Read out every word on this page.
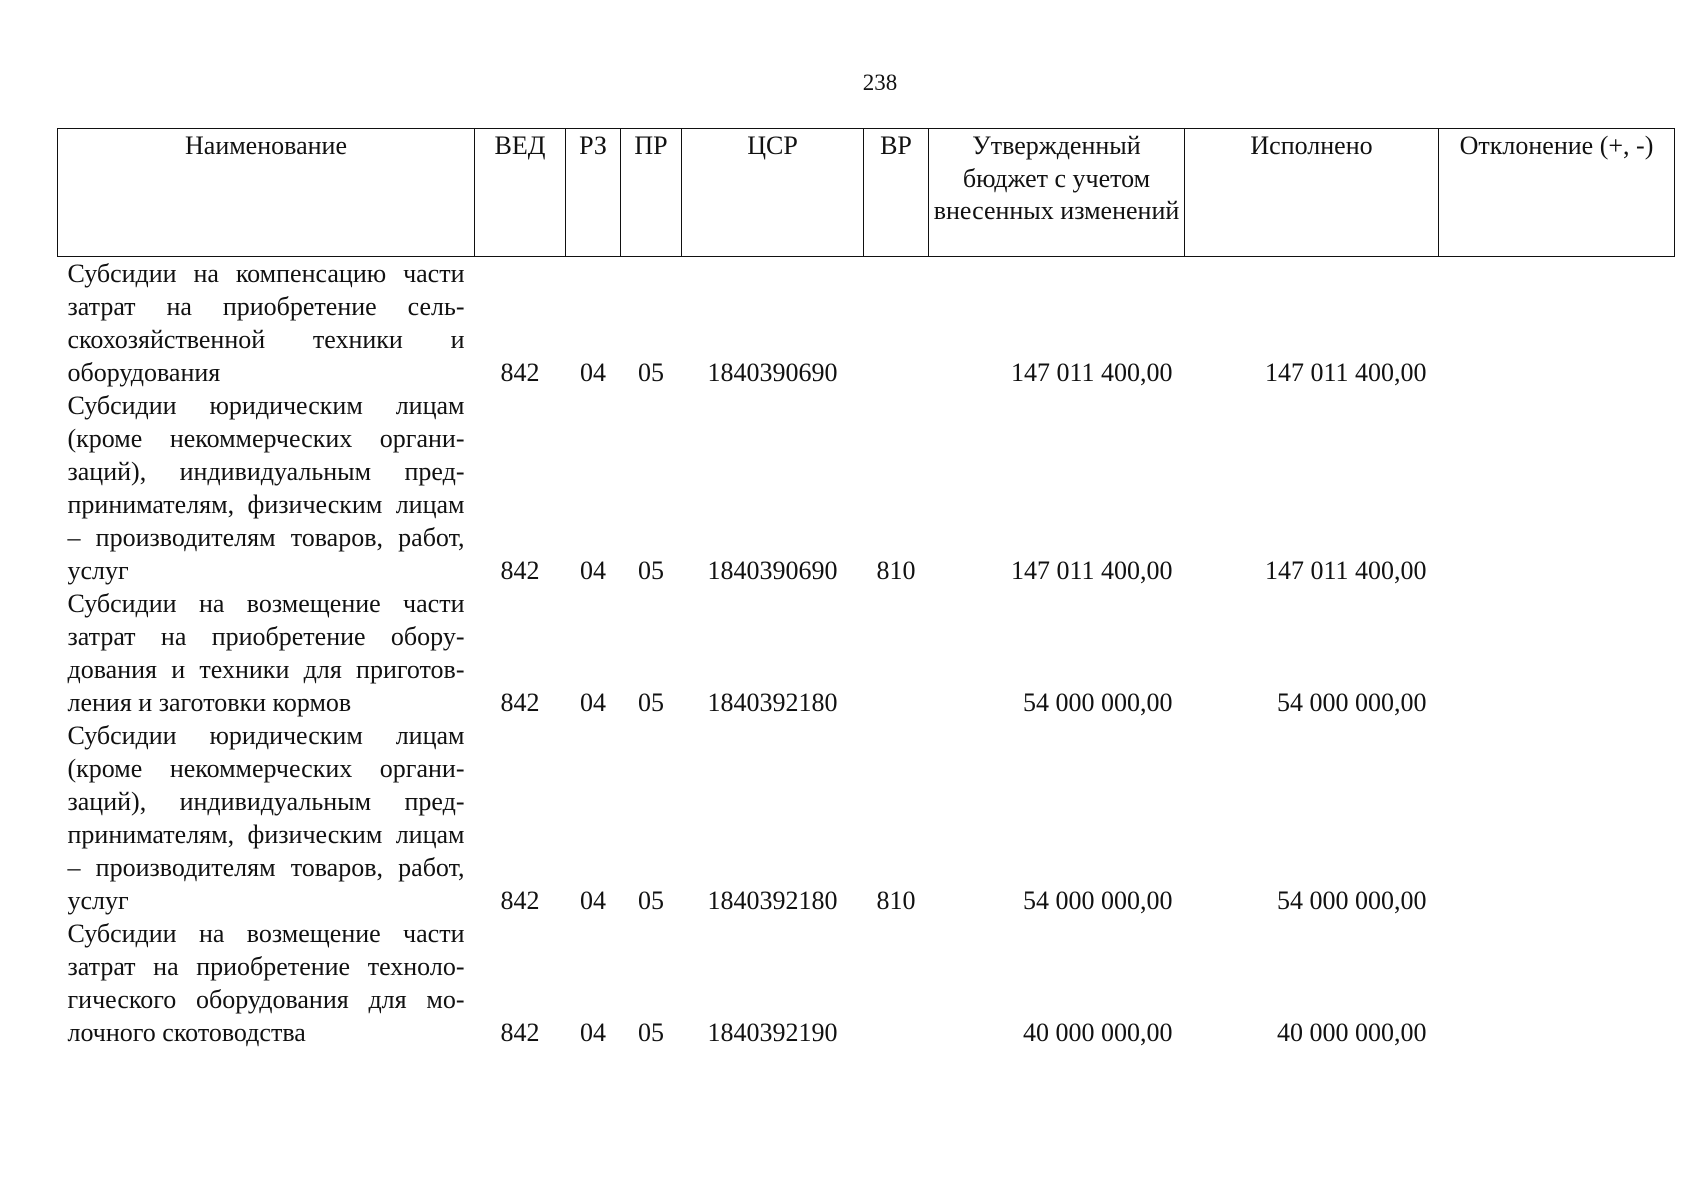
238
Наименование	ВЕД	РЗ	ПР	ЦСР	ВР	Утвержденный бюджет с учетом внесенных изменений	Исполнено	Отклонение (+, -)
Субсидии на компенсацию части затрат на приобретение сельскохозяйственной техники и оборудования	842	04	05	1840390690		147 011 400,00	147 011 400,00	
Субсидии юридическим лицам (кроме некоммерческих организаций), индивидуальным предпринимателям, физическим лицам – производителям товаров, работ, услуг	842	04	05	1840390690	810	147 011 400,00	147 011 400,00	
Субсидии на возмещение части затрат на приобретение оборудования и техники для приготовления и заготовки кормов	842	04	05	1840392180		54 000 000,00	54 000 000,00	
Субсидии юридическим лицам (кроме некоммерческих организаций), индивидуальным предпринимателям, физическим лицам – производителям товаров, работ, услуг	842	04	05	1840392180	810	54 000 000,00	54 000 000,00	
Субсидии на возмещение части затрат на приобретение технологического оборудования для молочного скотоводства	842	04	05	1840392190		40 000 000,00	40 000 000,00	
